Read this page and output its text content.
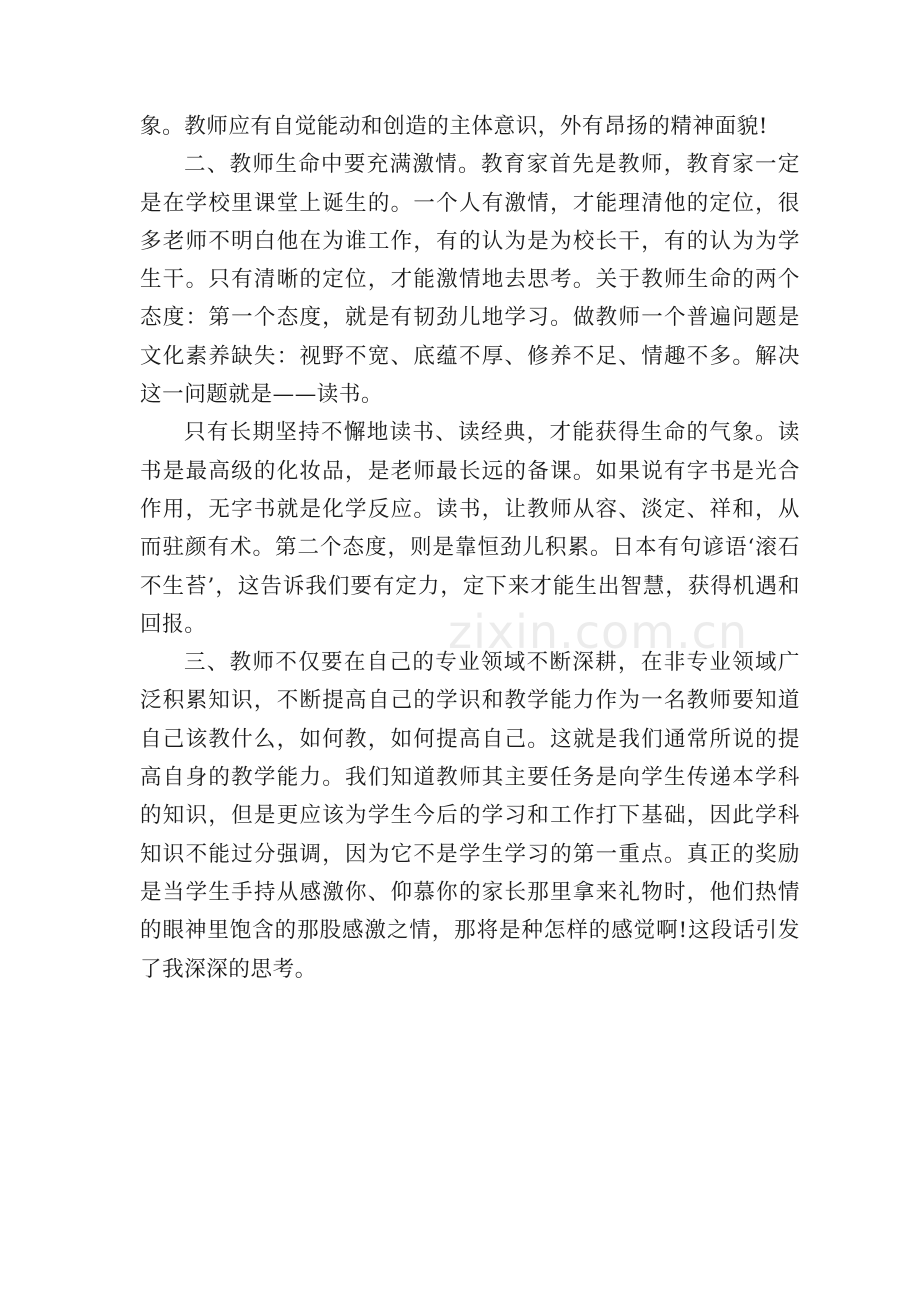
象。教师应有自觉能动和创造的主体意识，外有昂扬的精神面貌!

二、教师生命中要充满激情。教育家首先是教师，教育家一定是在学校里课堂上诞生的。一个人有激情，才能理清他的定位，很多老师不明白他在为谁工作，有的认为是为校长干，有的认为为学生干。只有清晰的定位，才能激情地去思考。关于教师生命的两个态度：第一个态度，就是有韧劲儿地学习。做教师一个普遍问题是文化素养缺失：视野不宽、底蕴不厚、修养不足、情趣不多。解决这一问题就是——读书。

只有长期坚持不懈地读书、读经典，才能获得生命的气象。读书是最高级的化妆品，是老师最长远的备课。如果说有字书是光合作用，无字书就是化学反应。读书，让教师从容、淡定、祥和，从而驻颜有术。第二个态度，则是靠恒劲儿积累。日本有句谚语‘滚石不生苔’，这告诉我们要有定力，定下来才能生出智慧，获得机遇和回报。

三、教师不仅要在自己的专业领域不断深耕，在非专业领域广泛积累知识，不断提高自己的学识和教学能力作为一名教师要知道自己该教什么，如何教，如何提高自己。这就是我们通常所说的提高自身的教学能力。我们知道教师其主要任务是向学生传递本学科的知识，但是更应该为学生今后的学习和工作打下基础，因此学科知识不能过分强调，因为它不是学生学习的第一重点。真正的奖励是当学生手持从感激你、仰慕你的家长那里拿来礼物时，他们热情的眼神里饱含的那股感激之情，那将是种怎样的感觉啊!这段话引发了我深深的思考。

zixin.com.cn
